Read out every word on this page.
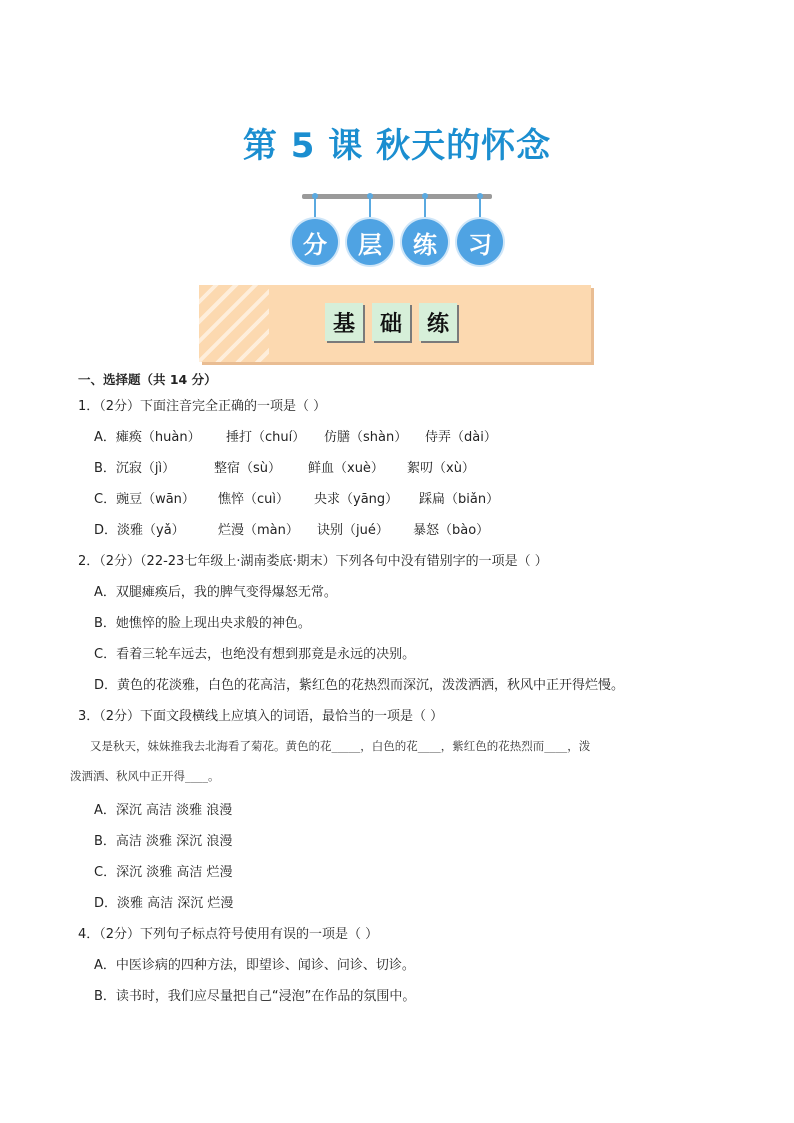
第 5 课 秋天的怀念
分	层	练	习
基	础	练
一、选择题（共 14 分）
1．（2分）下面注音完全正确的一项是（ ）
A．瘫痪（huàn） 捶打（chuí） 仿膳（shàn） 侍弄（dài）
B．沉寂（jì）	整宿（sù） 鲜血（xuè） 絮叨（xù）
C．豌豆（wān） 憔悴（cuì） 央求（yāng） 踩扁（biǎn）
D．淡雅（yǎ）	烂漫（màn） 诀别（jué） 暴怒（bào）
2．（2分）（22-23七年级上·湖南娄底·期末）下列各句中没有错别字的一项是（ ）
A．双腿瘫痪后，我的脾气变得爆怒无常。
B．她憔悴的脸上现出央求般的神色。
C．看着三轮车远去，也绝没有想到那竟是永远的决别。
D．黄色的花淡雅，白色的花高洁，紫红色的花热烈而深沉，泼泼洒洒，秋风中正开得烂慢。
3．（2分）下面文段横线上应填入的词语，最恰当的一项是（ ）
又是秋天，妹妹推我去北海看了菊花。黄色的花_____，白色的花____，紫红色的花热烈而____，泼
泼洒洒、秋风中正开得____。
A．深沉 高洁 淡雅 浪漫
B．高洁 淡雅 深沉 浪漫
C．深沉 淡雅 高洁 烂漫
D．淡雅 高洁 深沉 烂漫
4．（2分）下列句子标点符号使用有误的一项是（ ）
A．中医诊病的四种方法，即望诊、闻诊、问诊、切诊。
B．读书时，我们应尽量把自己“浸泡”在作品的氛围中。
